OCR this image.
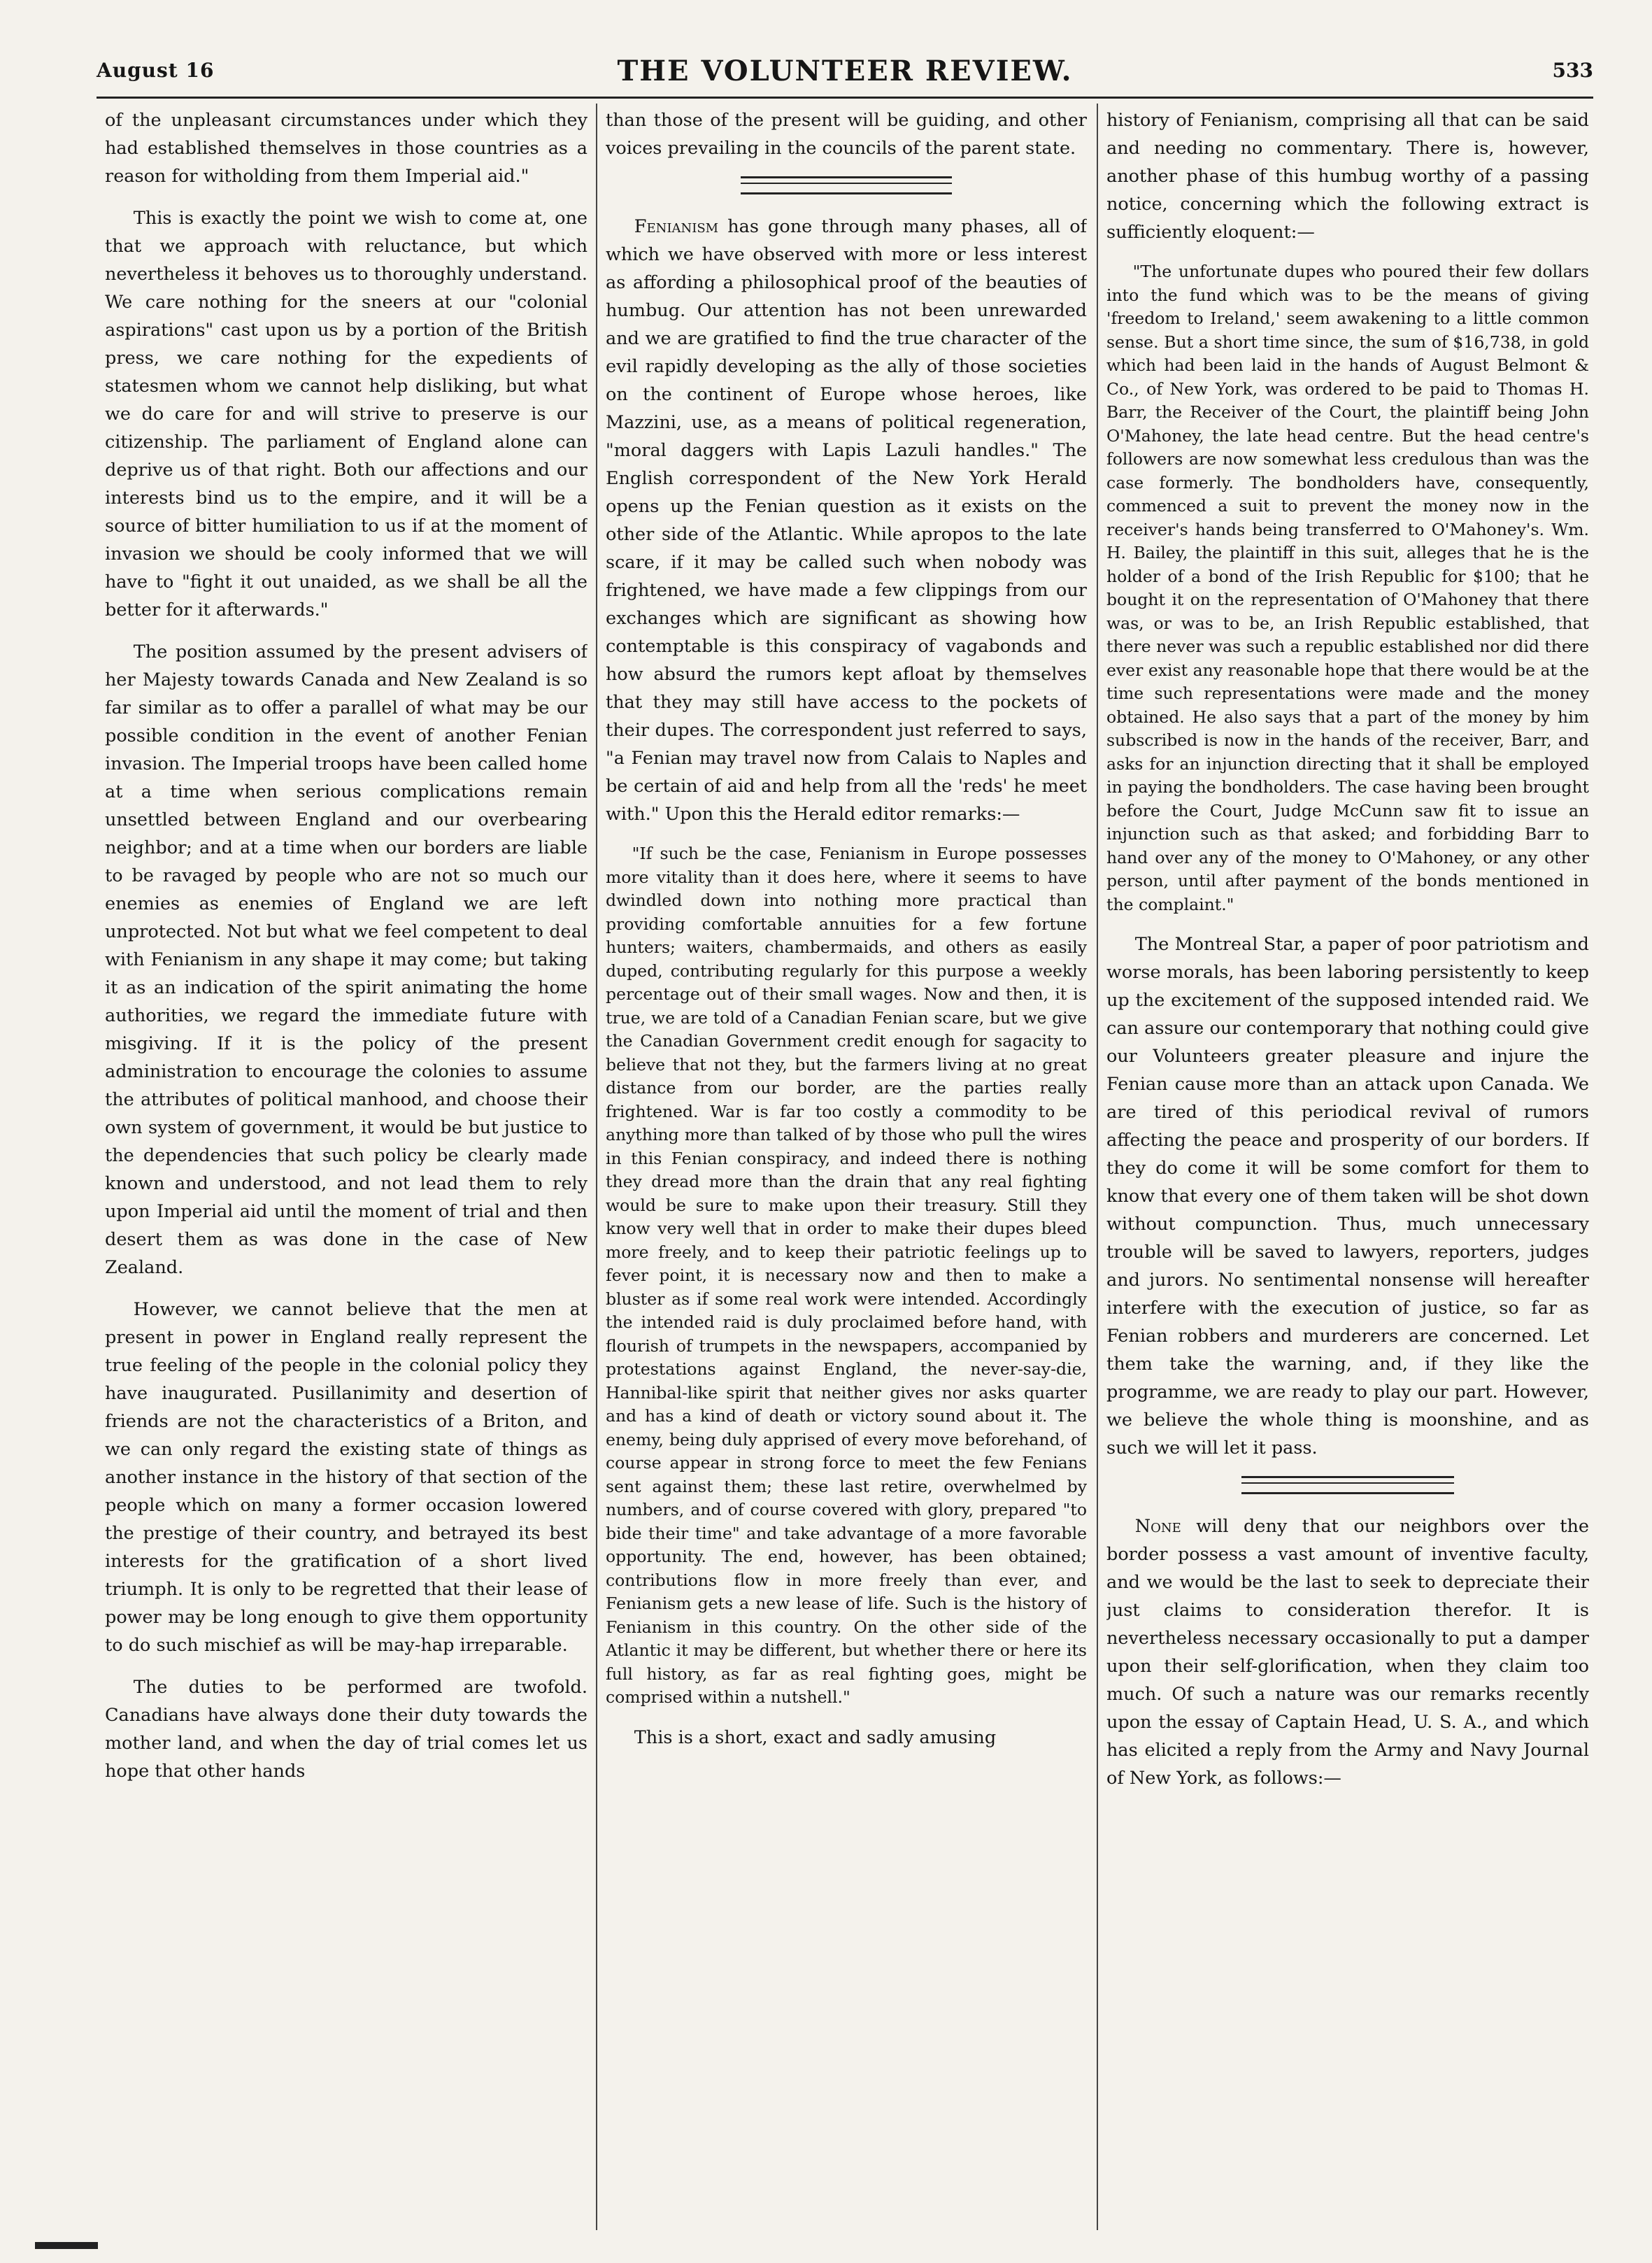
August 16	THE VOLUNTEER REVIEW.	533

of the unpleasant circumstances under which they had established themselves in those countries as a reason for witholding from them Imperial aid."

This is exactly the point we wish to come at, one that we approach with reluctance, but which nevertheless it behoves us to thoroughly understand. We care nothing for the sneers at our "colonial aspirations" cast upon us by a portion of the British press, we care nothing for the expedients of statesmen whom we cannot help disliking, but what we do care for and will strive to preserve is our citizenship. The parliament of England alone can deprive us of that right. Both our affections and our interests bind us to the empire, and it will be a source of bitter humiliation to us if at the moment of invasion we should be cooly informed that we will have to "fight it out unaided, as we shall be all the better for it afterwards."

The position assumed by the present advisers of her Majesty towards Canada and New Zealand is so far similar as to offer a parallel of what may be our possible condition in the event of another Fenian invasion. The Imperial troops have been called home at a time when serious complications remain unsettled between England and our overbearing neighbor; and at a time when our borders are liable to be ravaged by people who are not so much our enemies as enemies of England we are left unprotected. Not but what we feel competent to deal with Fenianism in any shape it may come; but taking it as an indication of the spirit animating the home authorities, we regard the immediate future with misgiving. If it is the policy of the present administration to encourage the colonies to assume the attributes of political manhood, and choose their own system of government, it would be but justice to the dependencies that such policy be clearly made known and understood, and not lead them to rely upon Imperial aid until the moment of trial and then desert them as was done in the case of New Zealand.

However, we cannot believe that the men at present in power in England really represent the true feeling of the people in the colonial policy they have inaugurated. Pusillanimity and desertion of friends are not the characteristics of a Briton, and we can only regard the existing state of things as another instance in the history of that section of the people which on many a former occasion lowered the prestige of their country, and betrayed its best interests for the gratification of a short lived triumph. It is only to be regretted that their lease of power may be long enough to give them opportunity to do such mischief as will be may-hap irreparable.

The duties to be performed are twofold. Canadians have always done their duty towards the mother land, and when the day of trial comes let us hope that other hands

than those of the present will be guiding, and other voices prevailing in the councils of the parent state.

Fenianism has gone through many phases, all of which we have observed with more or less interest as affording a philosophical proof of the beauties of humbug. Our attention has not been unrewarded and we are gratified to find the true character of the evil rapidly developing as the ally of those societies on the continent of Europe whose heroes, like Mazzini, use, as a means of political regeneration, "moral daggers with Lapis Lazuli handles." The English correspondent of the New York Herald opens up the Fenian question as it exists on the other side of the Atlantic. While apropos to the late scare, if it may be called such when nobody was frightened, we have made a few clippings from our exchanges which are significant as showing how contemptable is this conspiracy of vagabonds and how absurd the rumors kept afloat by themselves that they may still have access to the pockets of their dupes. The correspondent just referred to says, "a Fenian may travel now from Calais to Naples and be certain of aid and help from all the 'reds' he meet with." Upon this the Herald editor remarks:—

"If such be the case, Fenianism in Europe possesses more vitality than it does here, where it seems to have dwindled down into nothing more practical than providing comfortable annuities for a few fortune hunters; waiters, chambermaids, and others as easily duped, contributing regularly for this purpose a weekly percentage out of their small wages. Now and then, it is true, we are told of a Canadian Fenian scare, but we give the Canadian Government credit enough for sagacity to believe that not they, but the farmers living at no great distance from our border, are the parties really frightened. War is far too costly a commodity to be anything more than talked of by those who pull the wires in this Fenian conspiracy, and indeed there is nothing they dread more than the drain that any real fighting would be sure to make upon their treasury. Still they know very well that in order to make their dupes bleed more freely, and to keep their patriotic feelings up to fever point, it is necessary now and then to make a bluster as if some real work were intended. Accordingly the intended raid is duly proclaimed before hand, with flourish of trumpets in the newspapers, accompanied by protestations against England, the never-say-die, Hannibal-like spirit that neither gives nor asks quarter and has a kind of death or victory sound about it. The enemy, being duly apprised of every move beforehand, of course appear in strong force to meet the few Fenians sent against them; these last retire, overwhelmed by numbers, and of course covered with glory, prepared "to bide their time" and take advantage of a more favorable opportunity. The end, however, has been obtained; contributions flow in more freely than ever, and Fenianism gets a new lease of life. Such is the history of Fenianism in this country. On the other side of the Atlantic it may be different, but whether there or here its full history, as far as real fighting goes, might be comprised within a nutshell."

This is a short, exact and sadly amusing

history of Fenianism, comprising all that can be said and needing no commentary. There is, however, another phase of this humbug worthy of a passing notice, concerning which the following extract is sufficiently eloquent:—

"The unfortunate dupes who poured their few dollars into the fund which was to be the means of giving 'freedom to Ireland,' seem awakening to a little common sense. But a short time since, the sum of $16,738, in gold which had been laid in the hands of August Belmont & Co., of New York, was ordered to be paid to Thomas H. Barr, the Receiver of the Court, the plaintiff being John O'Mahoney, the late head centre. But the head centre's followers are now somewhat less credulous than was the case formerly. The bondholders have, consequently, commenced a suit to prevent the money now in the receiver's hands being transferred to O'Mahoney's. Wm. H. Bailey, the plaintiff in this suit, alleges that he is the holder of a bond of the Irish Republic for $100; that he bought it on the representation of O'Mahoney that there was, or was to be, an Irish Republic established, that there never was such a republic established nor did there ever exist any reasonable hope that there would be at the time such representations were made and the money obtained. He also says that a part of the money by him subscribed is now in the hands of the receiver, Barr, and asks for an injunction directing that it shall be employed in paying the bondholders. The case having been brought before the Court, Judge McCunn saw fit to issue an injunction such as that asked; and forbidding Barr to hand over any of the money to O'Mahoney, or any other person, until after payment of the bonds mentioned in the complaint."

The Montreal Star, a paper of poor patriotism and worse morals, has been laboring persistently to keep up the excitement of the supposed intended raid. We can assure our contemporary that nothing could give our Volunteers greater pleasure and injure the Fenian cause more than an attack upon Canada. We are tired of this periodical revival of rumors affecting the peace and prosperity of our borders. If they do come it will be some comfort for them to know that every one of them taken will be shot down without compunction. Thus, much unnecessary trouble will be saved to lawyers, reporters, judges and jurors. No sentimental nonsense will hereafter interfere with the execution of justice, so far as Fenian robbers and murderers are concerned. Let them take the warning, and, if they like the programme, we are ready to play our part. However, we believe the whole thing is moonshine, and as such we will let it pass.

None will deny that our neighbors over the border possess a vast amount of inventive faculty, and we would be the last to seek to depreciate their just claims to consideration therefor. It is nevertheless necessary occasionally to put a damper upon their self-glorification, when they claim too much. Of such a nature was our remarks recently upon the essay of Captain Head, U. S. A., and which has elicited a reply from the Army and Navy Journal of New York, as follows:—
